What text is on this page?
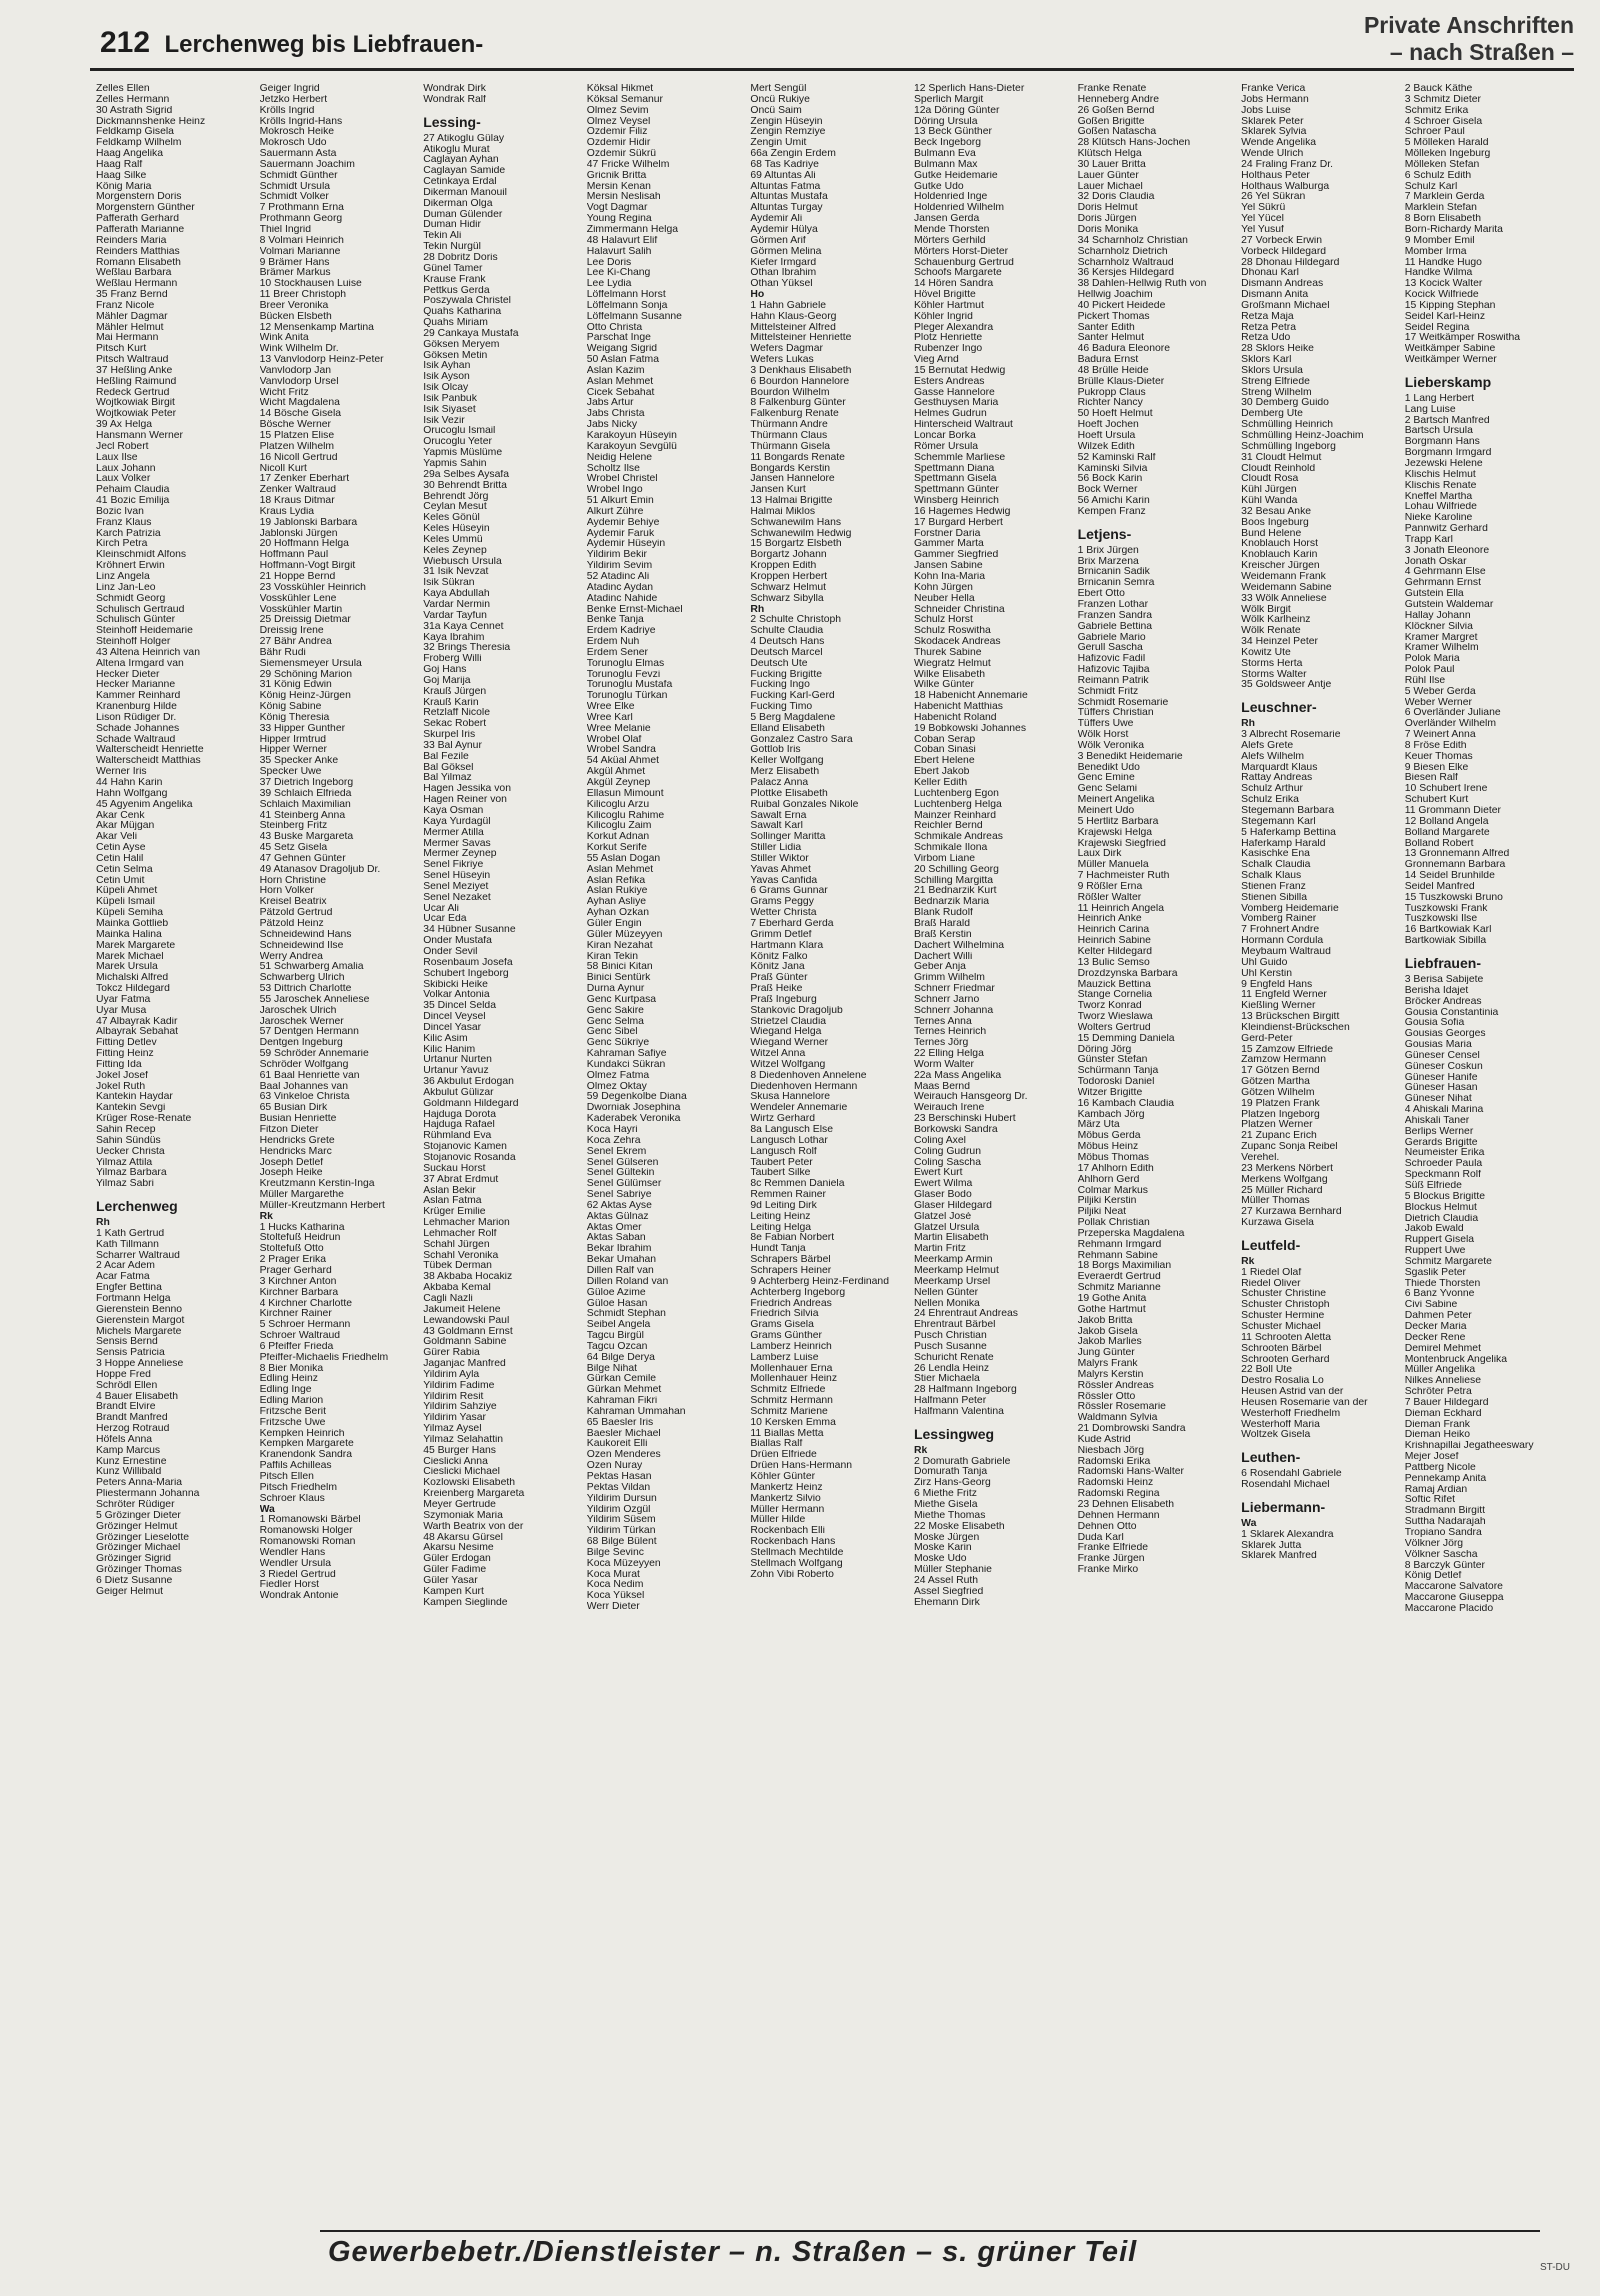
212 Lerchenweg bis Liebfrauen-
Private Anschriften
– nach Straßen –
Zelles Ellen
Zelles Hermann
30 Astrath Sigrid
Dickmannshenke Heinz
Feldkamp Gisela
Feldkamp Wilhelm
Haag Angelika
Haag Ralf
Haag Silke
König Maria
Morgenstern Doris
Morgenstern Günther
Pafferath Gerhard
Pafferath Marianne
Reinders Maria
Reinders Matthias
Romann Elisabeth
Weßlau Barbara
Weßlau Hermann
35 Franz Bernd
Franz Nicole
Mähler Dagmar
Mähler Helmut
Mai Hermann
Pitsch Kurt
Pitsch Waltraud
37 Heßling Anke
Heßling Raimund
Redeck Gertrud
Wojtkowiak Birgit
Wojtkowiak Peter
39 Ax Helga
Hansmann Werner
Jecl Robert
Laux Ilse
Laux Johann
Laux Volker
Pehaim Claudia
41 Bozic Emilija
Bozic Ivan
Franz Klaus
Karch Patrizia
Kirch Petra
Kleinschmidt Alfons
Kröhnert Erwin
Linz Angela
Linz Jan-Leo
Schmidt Georg
Schulisch Gertraud
Schulisch Günter
Steinhoff Heidemarie
Steinhoff Holger
43 Altena Heinrich van
Altena Irmgard van
Hecker Dieter
Hecker Marianne
Kammer Reinhard
Kranenburg Hilde
Lison Rüdiger Dr.
Schade Johannes
Schade Waltraud
Walterscheidt Henriette
Walterscheidt Matthias
Werner Iris
44 Hahn Karin
Hahn Wolfgang
45 Agyenim Angelika
Akar Cenk
Akar Müjgan
Akar Veli
Cetin Ayse
Cetin Halil
Cetin Selma
Cetin Ümit
Küpeli Ahmet
Küpeli Ismail
Küpeli Semiha
Mainka Gottlieb
Mainka Halina
Marek Margarete
Marek Michael
Marek Ursula
Michalski Alfred
Tokcz Hildegard
Uyar Fatma
Uyar Musa
47 Albayrak Kadir
Albayrak Sebahat
Fitting Detlev
Fitting Heinz
Fitting Ida
Jokel Josef
Jokel Ruth
Kantekin Haydar
Kantekin Sevgi
Krüger Rose-Renate
Sahin Recep
Sahin Sündüs
Uecker Christa
Yilmaz Attila
Yilmaz Barbara
Yilmaz Sabri
Lerchenweg
Rh
1 Kath Gertrud
Kath Tillmann
Scharrer Waltraud
2 Acar Adem
Acar Fatma
Engfer Bettina
Fortmann Helga
Gierenstein Benno
Gierenstein Margot
Michels Margarete
Sensis Bernd
Sensis Patricia
3 Hoppe Anneliese
Hoppe Fred
Schrödl Ellen
4 Bauer Elisabeth
Brandt Elvire
Brandt Manfred
Herzog Rotraud
Höfels Anna
Kamp Marcus
Kunz Ernestine
Kunz Willibald
Peters Anna-Maria
Pliestermann Johanna
Schröter Rüdiger
5 Grözinger Dieter
Grözinger Helmut
Grözinger Lieselotte
Grözinger Michael
Grözinger Sigrid
Grözinger Thomas
6 Dietz Susanne
Geiger Helmut
Geiger Ingrid
Jetzko Herbert
Krölls Ingrid
Krölls Ingrid-Hans
Mokrosch Heike
Mokrosch Udo
Sauermann Asta
Sauermann Joachim
Schmidt Günther
Schmidt Ursula
Schmidt Volker
7 Prothmann Erna
Prothmann Georg
Thiel Ingrid
8 Volmari Heinrich
Volmari Marianne
9 Brämer Hans
Brämer Markus
10 Stockhausen Luise
11 Breer Christoph
Breer Veronika
Bücken Elsbeth
12 Mensenkamp Martina
Wink Anita
Wink Wilhelm Dr.
13 Vanvlodorp Heinz-Peter
Vanvlodorp Jan
Vanvlodorp Ursel
Wicht Fritz
Wicht Magdalena
14 Bösche Gisela
Bösche Werner
15 Platzen Elise
Platzen Wilhelm
16 Nicoll Gertrud
Nicoll Kurt
17 Zenker Eberhart
Zenker Waltraud
18 Kraus Ditmar
Kraus Lydia
19 Jablonski Barbara
Jablonski Jürgen
20 Hoffmann Helga
Hoffmann Paul
Hoffmann-Vogt Birgit
21 Hoppe Bernd
23 Vosskühler Heinrich
Vosskühler Lene
Vosskühler Martin
25 Dreissig Dietmar
Dreissig Irene
27 Bähr Andrea
Bähr Rudi
Siemensmeyer Ursula
29 Schöning Marion
31 König Edwin
König Heinz-Jürgen
König Sabine
König Theresia
33 Hipper Gunther
Hipper Irmtrud
Hipper Werner
35 Specker Anke
Specker Uwe
37 Dietrich Ingeborg
39 Schlaich Elfrieda
Schlaich Maximilian
41 Steinberg Anna
Steinberg Fritz
43 Buske Margareta
45 Setz Gisela
47 Gehnen Günter
49 Atanasov Dragoljub Dr.
Horn Christine
Horn Volker
Kreisel Beatrix
Pätzold Gertrud
Pätzold Heinz
Schneidewind Hans
Schneidewind Ilse
Werry Andrea
51 Schwarberg Amalia
Schwarberg Ulrich
53 Dittrich Charlotte
55 Jaroschek Anneliese
Jaroschek Ulrich
Jaroschek Werner
57 Dentgen Hermann
Dentgen Ingeburg
59 Schröder Annemarie
Schröder Wolfgang
61 Baal Henriette van
Baal Johannes van
63 Vinkeloe Christa
65 Busian Dirk
Busian Henriette
Fitzon Dieter
Hendricks Grete
Hendricks Marc
Joseph Detlef
Joseph Heike
Kreutzmann Kerstin-Inga
Müller Margarethe
Müller-Kreutzmann Herbert
Rk
1 Hucks Katharina
Stoltefuß Heidrun
Stoltefuß Otto
2 Prager Erika
Prager Gerhard
3 Kirchner Anton
Kirchner Barbara
4 Kirchner Charlotte
Kirchner Rainer
5 Schroer Hermann
Schroer Waltraud
6 Pfeiffer Frieda
Pfeiffer-Michaelis Friedhelm
8 Bier Monika
Edling Heinz
Edling Inge
Edling Marion
Fritzsche Berit
Fritzsche Uwe
Kempken Heinrich
Kempken Margarete
Kranendonk Sandra
Paffils Achilleas
Pitsch Ellen
Pitsch Friedhelm
Schroer Klaus
Wa
1 Romanowski Bärbel
Romanowski Holger
Romanowski Roman
Wendler Hans
Wendler Ursula
3 Riedel Gertrud
Fiedler Horst
Wondrak Antonie
Wondrak Dirk
Wondrak Ralf
Lessing-
27 Atikoglu Gülay
Atikoglu Murat
Caglayan Ayhan
Caglayan Samide
Cetinkaya Erdal
Dikerman Manouil
Dikerman Olga
Duman Gülender
Duman Hidir
Tekin Ali
Tekin Nurgül
28 Dobritz Doris
Günel Tamer
Krause Frank
Pettkus Gerda
Poszywala Christel
Quahs Katharina
Quahs Miriam
29 Cankaya Mustafa
Göksen Meryem
Göksen Metin
Isik Ayhan
Isik Ayson
Isik Olcay
Isik Panbuk
Isik Siyaset
Isik Vezir
Orucoglu Ismail
Orucoglu Yeter
Yapmis Müslüme
Yapmis Sahin
29a Selbes Aysafa
30 Behrendt Britta
Behrendt Jörg
Ceylan Mesut
Keles Gönül
Keles Hüseyin
Keles Ümmü
Keles Zeynep
Wiebusch Ursula
31 Isik Nevzat
Isik Sükran
Kaya Abdullah
Vardar Nermin
Vardar Tayfun
31a Kaya Cennet
Kaya Ibrahim
32 Brings Theresia
Froberg Willi
Goj Hans
Goj Marija
Krauß Jürgen
Krauß Karin
Retzlaff Nicole
Sekac Robert
Skurpel Iris
33 Bal Aynur
Bal Fezile
Bal Göksel
Bal Yilmaz
Hagen Jessika von
Hagen Reiner von
Kaya Osman
Kaya Yurdagül
Mermer Atilla
Mermer Savas
Mermer Zeynep
Senel Fikriye
Senel Hüseyin
Senel Meziyet
Senel Nezaket
Ucar Ali
Ucar Eda
34 Hübner Susanne
Önder Mustafa
Önder Sevil
Rosenbaum Josefa
Schubert Ingeborg
Skibicki Heike
Volkar Antonia
35 Dincel Selda
Dincel Veysel
Dincel Yasar
Kilic Asim
Kilic Hanim
Urtanur Nurten
Urtanur Yavuz
36 Akbulut Erdogan
Akbulut Gülizar
Goldmann Hildegard
Hajduga Dorota
Hajduga Rafael
Rühmland Eva
Stojanovic Kamen
Stojanovic Rosanda
Suckau Horst
37 Abrat Erdmut
Aslan Bekir
Aslan Fatma
Krüger Emilie
Lehmacher Marion
Lehmacher Rolf
Schahl Jürgen
Schahl Veronika
Tübek Derman
38 Akbaba Hocakiz
Akbaba Kemal
Cagli Nazli
Jakumeit Helene
Lewandowski Paul
43 Goldmann Ernst
Goldmann Sabine
Gürer Rabia
Jaganjac Manfred
Yildirim Ayla
Yildirim Fadime
Yildirim Resit
Yildirim Sahziye
Yildirim Yasar
Yilmaz Aysel
Yilmaz Selahattin
45 Burger Hans
Cieslicki Anna
Cieslicki Michael
Kozlowski Elisabeth
Kreienberg Margareta
Meyer Gertrude
Szymoniak Maria
Warth Beatrix von der
48 Akarsu Gürsel
Akarsu Nesime
Güler Erdogan
Güler Fadime
Güler Yasar
Kampen Kurt
Kampen Sieglinde
Köksal Hikmet
Köksal Semanur
Ölmez Sevim
Ölmez Veysel
Özdemir Filiz
Özdemir Hidir
Özdemir Sükrü
47 Fricke Wilhelm
Gricnik Britta
Mersin Kenan
Mersin Neslisah
Vogt Dagmar
Young Regina
Zimmermann Helga
48 Halavurt Elif
Halavurt Salih
Lee Doris
Lee Ki-Chang
Lee Lydia
Löffelmann Horst
Löffelmann Sonja
Löffelmann Susanne
Otto Christa
Parschat Inge
Weigang Sigrid
50 Aslan Fatma
Aslan Kazim
Aslan Mehmet
Cicek Sebahat
Jabs Artur
Jabs Christa
Jabs Nicky
Karakoyun Hüseyin
Karakoyun Sevgülü
Neidig Helene
Scholtz Ilse
Wrobel Christel
Wrobel Ingo
51 Alkurt Emin
Alkurt Zühre
Aydemir Behiye
Aydemir Faruk
Aydemir Hüseyin
Yildirim Bekir
Yildirim Sevim
52 Atadinc Ali
Atadinc Aydan
Atadinc Nahide
Benke Ernst-Michael
Benke Tanja
Erdem Kadriye
Erdem Nuh
Erdem Sener
Torunoglu Elmas
Torunoglu Fevzi
Torunoglu Mustafa
Torunoglu Türkan
Wree Elke
Wree Karl
Wree Melanie
Wrobel Olaf
Wrobel Sandra
54 Aküal Ahmet
Akgül Ahmet
Akgül Zeynep
Ellasun Mimount
Kilicoglu Arzu
Kilicoglu Rahime
Kilicoglu Zaim
Korkut Adnan
Korkut Serife
55 Aslan Dogan
Aslan Mehmet
Aslan Refika
Aslan Rukiye
Ayhan Asliye
Ayhan Özkan
Güler Engin
Güler Müzeyyen
Kiran Nezahat
Kiran Tekin
58 Binici Kitan
Binici Sentürk
Durna Aynur
Genc Kurtpasa
Genc Sakire
Genc Selma
Genc Sibel
Genc Sükriye
Kahraman Safiye
Kundakci Sükran
Ölmez Fatma
Ölmez Oktay
59 Degenkolbe Diana
Dworniak Josephina
Kaderabek Veronika
Koca Hayri
Koca Zehra
Senel Ekrem
Senel Gülseren
Senel Gültekin
Senel Gülümser
Senel Sabriye
62 Aktas Ayse
Aktas Gülnaz
Aktas Ömer
Aktas Saban
Bekar Ibrahim
Bekar Umahan
Dillen Ralf van
Dillen Roland van
Güloe Azime
Güloe Hasan
Schmidt Stephan
Seibel Angela
Tagcu Birgül
Tagcu Özcan
64 Bilge Derya
Bilge Nihat
Gürkan Cemile
Gürkan Mehmet
Kahraman Fikri
Kahraman Ummahan
65 Baesler Iris
Baesler Michael
Kaukoreit Elli
Özen Menderes
Özen Nuray
Pektas Hasan
Pektas Vildan
Yildirim Dursun
Yildirim Özgül
Yildirim Süsem
Yildirim Türkan
68 Bilge Bülent
Bilge Sevinc
Koca Müzeyyen
Koca Murat
Koca Nedim
Koca Yüksel
Werr Dieter
Mert Sengül
Öncü Rukiye
Öncü Saim
Zengin Hüseyin
Zengin Remziye
Zengin Ümit
66a Zengin Erdem
68 Tas Kadriye
69 Altuntas Ali
Altuntas Fatma
Altuntas Mustafa
Altuntas Turgay
Aydemir Ali
Aydemir Hülya
Görmen Arif
Görmen Melina
Kiefer Irmgard
Othan Ibrahim
Othan Yüksel
Ho
1 Hahn Gabriele
Hahn Klaus-Georg
Mittelsteiner Alfred
Mittelsteiner Henriette
Wefers Dagmar
Wefers Lukas
3 Denkhaus Elisabeth
6 Bourdon Hannelore
Bourdon Wilhelm
8 Falkenburg Günter
Falkenburg Renate
Thürmann Andre
Thürmann Claus
Thürmann Gisela
11 Bongards Renate
Bongards Kerstin
Jansen Hannelore
Jansen Kurt
13 Halmai Brigitte
Halmai Miklos
Schwanewilm Hans
Schwanewilm Hedwig
15 Borgartz Elsbeth
Borgartz Johann
Kroppen Edith
Kroppen Herbert
Schwarz Helmut
Schwarz Sibylla
Rh
2 Schulte Christoph
Schulte Claudia
4 Deutsch Hans
Deutsch Marcel
Deutsch Ute
Fucking Brigitte
Fucking Ingo
Fucking Karl-Gerd
Fucking Timo
5 Berg Magdalene
Elland Elisabeth
Gonzalez Castro Sara
Gottlob Iris
Keller Wolfgang
Merz Elisabeth
Palacz Anna
Plottke Elisabeth
Ruibal Gonzales Nikole
Sawalt Erna
Sawalt Karl
Sollinger Maritta
Stiller Lidia
Stiller Wiktor
Yavas Ahmet
Yavas Canfida
6 Grams Gunnar
Grams Peggy
Wetter Christa
7 Eberhard Gerda
Grimm Detlef
Hartmann Klara
Könitz Falko
Könitz Jana
Praß Günter
Praß Heike
Praß Ingeburg
Stankovic Dragoljub
Strietzel Claudia
Wiegand Helga
Wiegand Werner
Witzel Anna
Witzel Wolfgang
8 Diedenhoven Annelene
Diedenhoven Hermann
Skusa Hannelore
Wendeler Annemarie
Wirtz Gerhard
8a Langusch Else
Langusch Lothar
Langusch Rolf
Taubert Peter
Taubert Silke
8c Remmen Daniela
Remmen Rainer
9d Leiting Dirk
Leiting Heinz
Leiting Helga
8e Fabian Norbert
Hundt Tanja
Schrapers Bärbel
Schrapers Heiner
9 Achterberg Heinz-Ferdinand
Achterberg Ingeborg
Friedrich Andreas
Friedrich Silvia
Grams Gisela
Grams Günther
Lamberz Heinrich
Lamberz Luise
Mollenhauer Erna
Mollenhauer Heinz
Schmitz Elfriede
Schmitz Hermann
Schmitz Mariene
10 Kersken Emma
11 Biallas Metta
Biallas Ralf
Drüen Elfriede
Drüen Hans-Hermann
Köhler Günter
Mankertz Heinz
Mankertz Silvio
Müller Hermann
Müller Hilde
Rockenbach Elli
Rockenbach Hans
Stellmach Mechtilde
Stellmach Wolfgang
Zohn Vibi Roberto
12 Sperlich Hans-Dieter
Sperlich Margit
12a Döring Günter
Döring Ursula
13 Beck Günther
Beck Ingeborg
Bulmann Eva
Bulmann Max
Gutke Heidemarie
Gutke Udo
Holdenried Inge
Holdenried Wilhelm
Jansen Gerda
Mende Thorsten
Mörters Gerhild
Mörters Horst-Dieter
Schauenburg Gertrud
Schoofs Margarete
14 Hören Sandra
Hövel Brigitte
Köhler Hartmut
Köhler Ingrid
Pleger Alexandra
Plotz Henriette
Rubenzer Ingo
Vieg Arnd
15 Bernutat Hedwig
Esters Andreas
Gasse Hannelore
Gesthuysen Maria
Helmes Gudrun
Hinterscheid Waltraut
Loncar Borka
Römer Ursula
Schemmle Marliese
Spettmann Diana
Spettmann Gisela
Spettmann Günter
Winsberg Heinrich
16 Hagemes Hedwig
17 Burgard Herbert
Forstner Daria
Gammer Marta
Gammer Siegfried
Jansen Sabine
Kohn Ina-Maria
Kohn Jürgen
Neuber Hella
Schneider Christina
Schulz Horst
Schulz Roswitha
Skodacek Andreas
Thurek Sabine
Wiegratz Helmut
Wilke Elisabeth
Wilke Günter
18 Habenicht Annemarie
Habenicht Matthias
Habenicht Roland
19 Bobkowski Johannes
Coban Serap
Coban Sinasi
Ebert Helene
Ebert Jakob
Keller Edith
Luchtenberg Egon
Luchtenberg Helga
Mainzer Reinhard
Reichler Bernd
Schmikale Andreas
Schmikale Ilona
Virbom Liane
20 Schilling Georg
Schilling Margitta
21 Bednarzik Kurt
Bednarzik Maria
Blank Rudolf
Braß Harald
Braß Kerstin
Dachert Wilhelmina
Dachert Willi
Geber Anja
Grimm Wilhelm
Schnerr Friedmar
Schnerr Jarno
Schnerr Johanna
Ternes Anna
Ternes Heinrich
Ternes Jörg
22 Elling Helga
Worm Walter
22a Mass Angelika
Maas Bernd
Weirauch Hansgeorg Dr.
Weirauch Irene
23 Berschinski Hubert
Borkowski Sandra
Coling Axel
Coling Gudrun
Coling Sascha
Ewert Kurt
Ewert Wilma
Glaser Bodo
Glaser Hildegard
Glatzel José
Glatzel Ursula
Martin Elisabeth
Martin Fritz
Meerkamp Armin
Meerkamp Helmut
Meerkamp Ursel
Nellen Günter
Nellen Monika
24 Ehrentraut Andreas
Ehrentraut Bärbel
Pusch Christian
Pusch Susanne
Schuricht Renate
26 Lendla Heinz
Stier Michaela
28 Halfmann Ingeborg
Halfmann Peter
Halfmann Valentina
Lessingweg
Rk
2 Domurath Gabriele
Domurath Tanja
Zirz Hans-Georg
6 Miethe Fritz
Miethe Gisela
Miethe Thomas
22 Moske Elisabeth
Moske Jürgen
Moske Karin
Moske Udo
Müller Stephanie
24 Assel Ruth
Assel Siegfried
Ehemann Dirk
Franke Renate
Henneberg Andre
26 Goßen Bernd
Goßen Brigitte
Goßen Natascha
28 Klütsch Hans-Jochen
Klütsch Helga
30 Lauer Britta
Lauer Günter
Lauer Michael
32 Doris Claudia
Doris Helmut
Doris Jürgen
Doris Monika
34 Scharnholz Christian
Scharnholz Dietrich
Scharnholz Waltraud
36 Kersjes Hildegard
38 Dahlen-Hellwig Ruth von
Hellwig Joachim
40 Pickert Heidede
Pickert Thomas
Santer Edith
Santer Helmut
46 Badura Eleonore
Badura Ernst
48 Brülle Heide
Brülle Klaus-Dieter
Pukropp Claus
Richter Nancy
50 Hoeft Helmut
Hoeft Jochen
Hoeft Ursula
Wilzek Edith
52 Kaminski Ralf
Kaminski Silvia
56 Bock Karin
Bock Werner
56 Amichi Karin
Kempen Franz
Letjens-
1 Brix Jürgen
Brix Marzena
Brnicanin Sadik
Brnicanin Semra
Ebert Otto
Franzen Lothar
Franzen Sandra
Gabriele Bettina
Gabriele Mario
Gerull Sascha
Hafizovic Fadil
Hafizovic Tajiba
Reimann Patrik
Schmidt Fritz
Schmidt Rosemarie
Tüffers Christian
Tüffers Uwe
Wölk Horst
Wölk Veronika
3 Benedikt Heidemarie
Benedikt Udo
Genc Emine
Genc Selami
Meinert Angelika
Meinert Udo
5 Hertlitz Barbara
Krajewski Helga
Krajewski Siegfried
Laux Dirk
Müller Manuela
7 Hachmeister Ruth
9 Rößler Erna
Rößler Walter
11 Heinrich Angela
Heinrich Anke
Heinrich Carina
Heinrich Sabine
Kelter Hildegard
13 Bulic Semso
Drozdzynska Barbara
Mauzick Bettina
Stange Cornelia
Tworz Konrad
Tworz Wieslawa
Wolters Gertrud
15 Demming Daniela
Döring Jörg
Günster Stefan
Schürmann Tanja
Todoroski Daniel
Witzer Brigitte
16 Kambach Claudia
Kambach Jörg
März Uta
Möbus Gerda
Möbus Heinz
Möbus Thomas
17 Ahlhorn Edith
Ahlhorn Gerd
Colmar Markus
Piljiki Kerstin
Piljiki Neat
Pollak Christian
Przeperska Magdalena
Rehmann Irmgard
Rehmann Sabine
18 Borgs Maximilian
Everaerdt Gertrud
Schmitz Marianne
19 Gothe Anita
Gothe Hartmut
Jakob Britta
Jakob Gisela
Jakob Marlies
Jung Günter
Malyrs Frank
Malyrs Kerstin
Rössler Andreas
Rössler Otto
Rössler Rosemarie
Waldmann Sylvia
21 Dombrowski Sandra
Kude Astrid
Niesbach Jörg
Radomski Erika
Radomski Hans-Walter
Radomski Heinz
Radomski Regina
23 Dehnen Elisabeth
Dehnen Hermann
Dehnen Otto
Duda Karl
Franke Elfriede
Franke Jürgen
Franke Mirko
Franke Verica
Jobs Hermann
Jobs Luise
Sklarek Peter
Sklarek Sylvia
Wende Angelika
Wende Ulrich
24 Fraling Franz Dr.
Holthaus Peter
Holthaus Walburga
26 Yel Sükran
Yel Sükrü
Yel Yücel
Yel Yusuf
27 Vorbeck Erwin
Vorbeck Hildegard
28 Dhonau Hildegard
Dhonau Karl
Dismann Andreas
Dismann Anita
Großmann Michael
Retza Maja
Retza Petra
Retza Udo
28 Sklors Heike
Sklors Karl
Sklors Ursula
Streng Elfriede
Streng Wilhelm
30 Demberg Guido
Demberg Ute
Schmülling Heinrich
Schmülling Heinz-Joachim
Schmülling Ingeborg
31 Cloudt Helmut
Cloudt Reinhold
Cloudt Rosa
Kühl Jürgen
Kühl Wanda
32 Besau Anke
Boos Ingeburg
Bund Helene
Knoblauch Horst
Knoblauch Karin
Kreischer Jürgen
Weidemann Frank
Weidemann Sabine
33 Wölk Anneliese
Wölk Birgit
Wölk Karlheinz
Wölk Renate
34 Heinzel Peter
Kowitz Ute
Storms Herta
Storms Walter
35 Goldsweer Antje
Leuschner-
Rh
3 Albrecht Rosemarie
Alefs Grete
Alefs Wilhelm
Marquardt Klaus
Rattay Andreas
Schulz Arthur
Schulz Erika
Stegemann Barbara
Stegemann Karl
5 Haferkamp Bettina
Haferkamp Harald
Kasischke Ena
Schalk Claudia
Schalk Klaus
Stienen Franz
Stienen Sibilla
Vomberg Heidemarie
Vomberg Rainer
7 Frohnert Andre
Hormann Cordula
Meybaum Waltraud
Uhl Guido
Uhl Kerstin
9 Engfeld Hans
11 Engfeld Werner
Kießling Werner
13 Brückschen Birgitt
Kleindienst-Brückschen
Gerd-Peter
15 Zamzow Elfriede
Zamzow Hermann
17 Götzen Bernd
Götzen Martha
Götzen Wilhelm
19 Platzen Frank
Platzen Ingeborg
Platzen Werner
21 Zupanc Erich
Zupanc Sonja Reibel
Verehel.
23 Merkens Nörbert
Merkens Wolfgang
25 Müller Richard
Müller Thomas
27 Kurzawa Bernhard
Kurzawa Gisela
Leutfeld-
Rk
1 Riedel Olaf
Riedel Oliver
Schuster Christine
Schuster Christoph
Schuster Hermine
Schuster Michael
11 Schrooten Aletta
Schrooten Bärbel
Schrooten Gerhard
22 Boll Ute
Destro Rosalia Lo
Heusen Astrid van der
Heusen Rosemarie van der
Westerhoff Friedhelm
Westerhoff Maria
Woltzek Gisela
Leuthen-
6 Rosendahl Gabriele
Rosendahl Michael
Liebermann-
Wa
1 Sklarek Alexandra
Sklarek Jutta
Sklarek Manfred
2 Bauck Käthe
3 Schmitz Dieter
Schmitz Erika
4 Schroer Gisela
Schroer Paul
5 Mölleken Harald
Mölleken Ingeburg
Mölleken Stefan
6 Schulz Edith
Schulz Karl
7 Marklein Gerda
Marklein Stefan
8 Born Elisabeth
Born-Richardy Marita
9 Momber Emil
Momber Irma
11 Handke Hugo
Handke Wilma
13 Kocick Walter
Kocick Wilfriede
15 Kipping Stephan
Seidel Karl-Heinz
Seidel Regina
17 Weitkämper Roswitha
Weitkämper Sabine
Weitkämper Werner
Lieberskamp
1 Lang Herbert
Lang Luise
2 Bartsch Manfred
Bartsch Ursula
Borgmann Hans
Borgmann Irmgard
Jezewski Helene
Klischis Helmut
Klischis Renate
Kneffel Martha
Lohau Wilfriede
Nieke Karoline
Pannwitz Gerhard
Trapp Karl
3 Jonath Eleonore
Jonath Oskar
4 Gehrmann Else
Gehrmann Ernst
Gutstein Ella
Gutstein Waldemar
Hallay Johann
Klöckner Silvia
Kramer Margret
Kramer Wilhelm
Polok Maria
Polok Paul
Rühl Ilse
5 Weber Gerda
Weber Werner
6 Overländer Juliane
Overländer Wilhelm
7 Weinert Anna
8 Fröse Edith
Keuer Thomas
9 Biesen Elke
Biesen Ralf
10 Schubert Irene
Schubert Kurt
11 Grommann Dieter
12 Bolland Angela
Bolland Margarete
Bolland Robert
13 Gronnemann Alfred
Gronnemann Barbara
14 Seidel Brunhilde
Seidel Manfred
15 Tuszkowski Bruno
Tuszkowski Frank
Tuszkowski Ilse
16 Bartkowiak Karl
Bartkowiak Sibilla
Liebfrauen-
3 Berisa Sabijete
Berisha Idajet
Bröcker Andreas
Gousia Constantinia
Gousia Sofia
Gousias Georges
Gousias Maria
Güneser Censel
Güneser Coskun
Güneser Hanife
Güneser Hasan
Güneser Nihat
4 Ahiskali Marina
Ahiskali Taner
Berlips Werner
Gerards Brigitte
Neumeister Erika
Schroeder Paula
Speckmann Rolf
Süß Elfriede
5 Blockus Brigitte
Blockus Helmut
Dietrich Claudia
Jakob Ewald
Ruppert Gisela
Ruppert Uwe
Schmitz Margarete
Sgaslik Peter
Thiede Thorsten
6 Banz Yvonne
Civi Sabine
Dahmen Peter
Decker Maria
Decker Rene
Demirel Mehmet
Montenbruck Angelika
Müller Angelika
Nilkes Anneliese
Schröter Petra
7 Bauer Hildegard
Dieman Eckhard
Dieman Frank
Dieman Heiko
Krishnapillai Jegatheeswary
Mejer Josef
Pattberg Nicole
Pennekamp Anita
Ramaj Ardian
Softic Rifet
Stradmann Birgitt
Suttha Nadarajah
Tropiano Sandra
Völkner Jörg
Völkner Sascha
8 Barczyk Günter
König Detlef
Maccarone Salvatore
Maccarone Giuseppa
Maccarone Placido
Gewerbebetr./Dienstleister – n. Straßen – s. grüner Teil	ST-DU
